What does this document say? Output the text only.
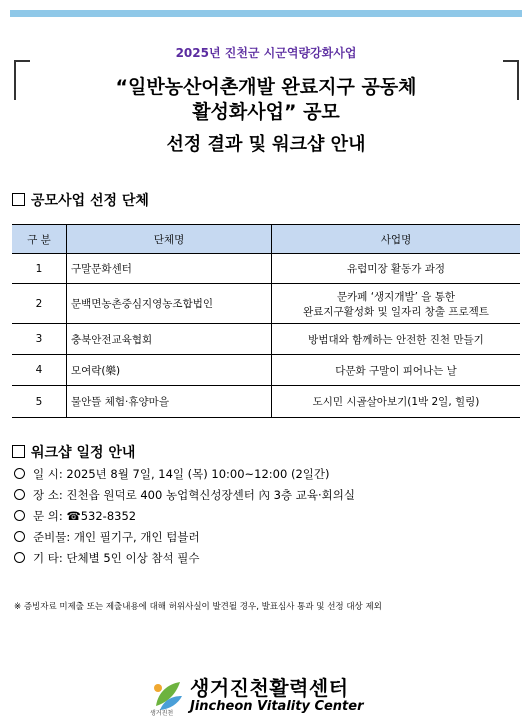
2025년 진천군 시군역량강화사업
“일반농산어촌개발 완료지구 공동체
활성화사업” 공모
선정 결과 및 워크샵 안내
공모사업 선정 단체
구 분	단체명	사업명
1	구말문화센터	유럽미장 활동가 과정
2	문백면농촌중심지영농조합법인	문카페 ‘생지개발’ 을 통한
완료지구활성화 및 일자리 창출 프로젝트

3	충북안전교육협회	방범대와 함께하는 안전한 진천 만들기
4	모여락(樂)	다문화 구말이 피어나는 날
5	물안뜰 체험·휴양마을	도시민 시골살아보기(1박 2일, 힐링)
워크샵 일정 안내
일 시: 2025년 8월 7일, 14일 (목) 10:00~12:00 (2일간)
장 소: 진천읍 원덕로 400 농업혁신성장센터 內 3층 교육·회의실
문 의: ☎532-8352
준비물: 개인 필기구, 개인 텀블러
기 타: 단체별 5인 이상 참석 필수
※ 증빙자료 미제출 또는 제출내용에 대해 허위사실이 발견될 경우, 발표심사 통과 및 선정 대상 제외
생거진천
생거진천활력센터
Jincheon Vitality Center
